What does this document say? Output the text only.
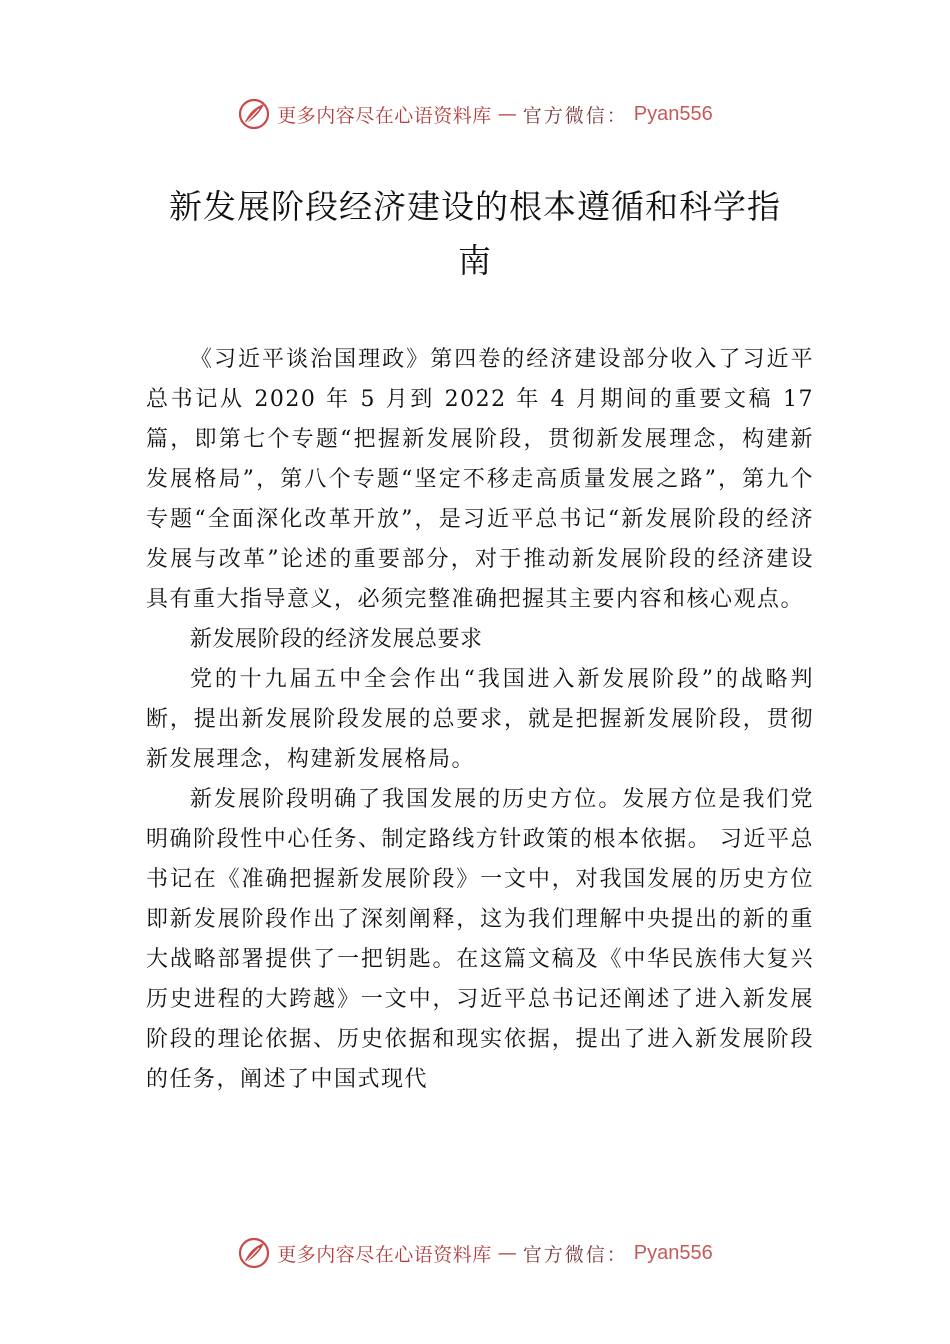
更多内容尽在心语资料库 — 官方微信： Pyan556
新发展阶段经济建设的根本遵循和科学指
南

《习近平谈治国理政》第四卷的经济建设部分收入了习近平总书记从 2020 年 5 月到 2022 年 4 月期间的重要文稿 17 篇，即第七个专题“把握新发展阶段，贯彻新发展理念，构建新发展格局”，第八个专题“坚定不移走高质量发展之路”，第九个专题“全面深化改革开放”，是习近平总书记“新发展阶段的经济发展与改革”论述的重要部分，对于推动新发展阶段的经济建设具有重大指导意义，必须完整准确把握其主要内容和核心观点。

新发展阶段的经济发展总要求

党的十九届五中全会作出“我国进入新发展阶段”的战略判断，提出新发展阶段发展的总要求，就是把握新发展阶段，贯彻新发展理念，构建新发展格局。

新发展阶段明确了我国发展的历史方位。发展方位是我们党明确阶段性中心任务、制定路线方针政策的根本依据。 习近平总书记在《准确把握新发展阶段》一文中，对我国发展的历史方位即新发展阶段作出了深刻阐释，这为我们理解中央提出的新的重大战略部署提供了一把钥匙。在这篇文稿及《中华民族伟大复兴历史进程的大跨越》一文中，习近平总书记还阐述了进入新发展阶段的理论依据、历史依据和现实依据，提出了进入新发展阶段的任务，阐述了中国式现代

更多内容尽在心语资料库 — 官方微信： Pyan556
